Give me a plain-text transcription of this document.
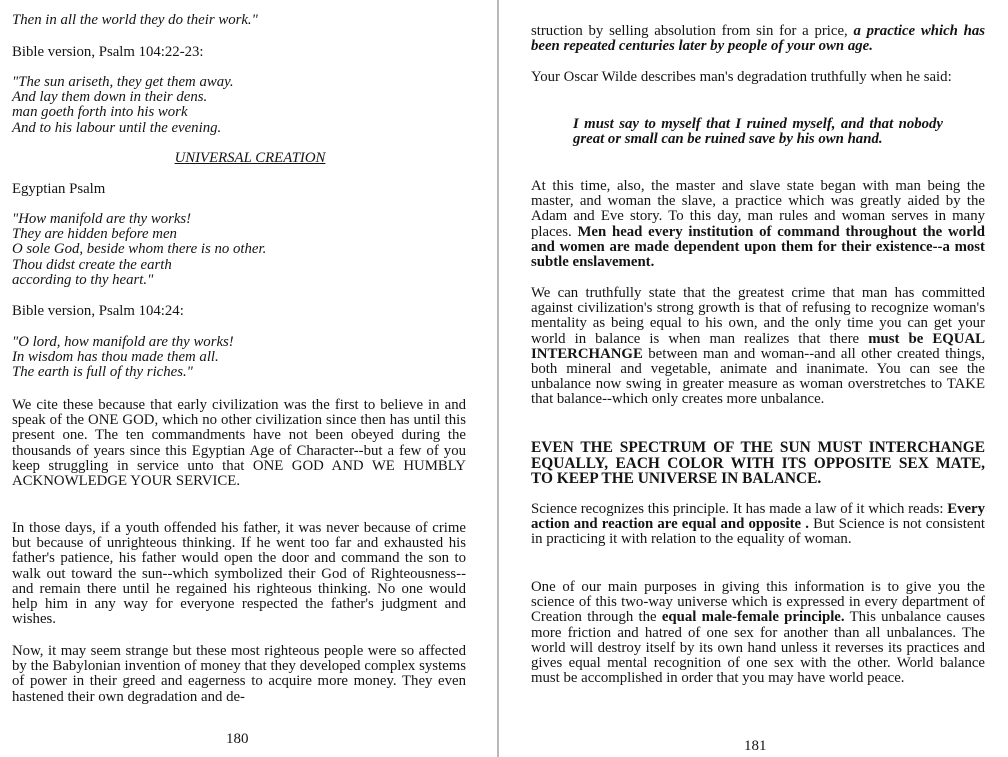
Then in all the world they do their work."

Bible version, Psalm 104:22-23:

"The sun ariseth, they get them away.
And lay them down in their dens.
man goeth forth into his work
And to his labour until the evening.

UNIVERSAL CREATION

Egyptian Psalm

"How manifold are thy works!
They are hidden before men
O sole God, beside whom there is no other.
Thou didst create the earth
according to thy heart."

Bible version, Psalm 104:24:

"O lord, how manifold are thy works!
In wisdom has thou made them all.
The earth is full of thy riches."

We cite these because that early civilization was the first to believe in and speak of the ONE GOD, which no other civilization since then has until this present one. The ten commandments have not been obeyed during the thousands of years since this Egyptian Age of Character--but a few of you keep struggling in service unto that ONE GOD AND WE HUMBLY ACKNOWLEDGE YOUR SERVICE.

In those days, if a youth offended his father, it was never because of crime but because of unrighteous thinking. If he went too far and exhausted his father's patience, his father would open the door and command the son to walk out toward the sun--which symbolized their God of Righteousness--and remain there until he regained his righteous thinking. No one would help him in any way for everyone respected the father's judgment and wishes.

Now, it may seem strange but these most righteous people were so affected by the Babylonian invention of money that they developed complex systems of power in their greed and eagerness to acquire more money. They even hastened their own degradation and de-

180

struction by selling absolution from sin for a price, a practice which has been repeated centuries later by people of your own age.

Your Oscar Wilde describes man's degradation truthfully when he said:

I must say to myself that I ruined myself, and that nobody great or small can be ruined save by his own hand.

At this time, also, the master and slave state began with man being the master, and woman the slave, a practice which was greatly aided by the Adam and Eve story. To this day, man rules and woman serves in many places. Men head every institution of command throughout the world and women are made dependent upon them for their existence--a most subtle enslavement.

We can truthfully state that the greatest crime that man has committed against civilization's strong growth is that of refusing to recognize woman's mentality as being equal to his own, and the only time you can get your world in balance is when man realizes that there must be EQUAL INTERCHANGE between man and woman--and all other created things, both mineral and vegetable, animate and inanimate. You can see the unbalance now swing in greater measure as woman overstretches to TAKE that balance--which only creates more unbalance.

EVEN THE SPECTRUM OF THE SUN MUST INTERCHANGE EQUALLY, EACH COLOR WITH ITS OPPOSITE SEX MATE, TO KEEP THE UNIVERSE IN BALANCE.

Science recognizes this principle. It has made a law of it which reads: Every action and reaction are equal and opposite . But Science is not consistent in practicing it with relation to the equality of woman.

One of our main purposes in giving this information is to give you the science of this two-way universe which is expressed in every department of Creation through the equal male-female principle. This unbalance causes more friction and hatred of one sex for another than all unbalances. The world will destroy itself by its own hand unless it reverses its practices and gives equal mental recognition of one sex with the other. World balance must be accomplished in order that you may have world peace.

181
